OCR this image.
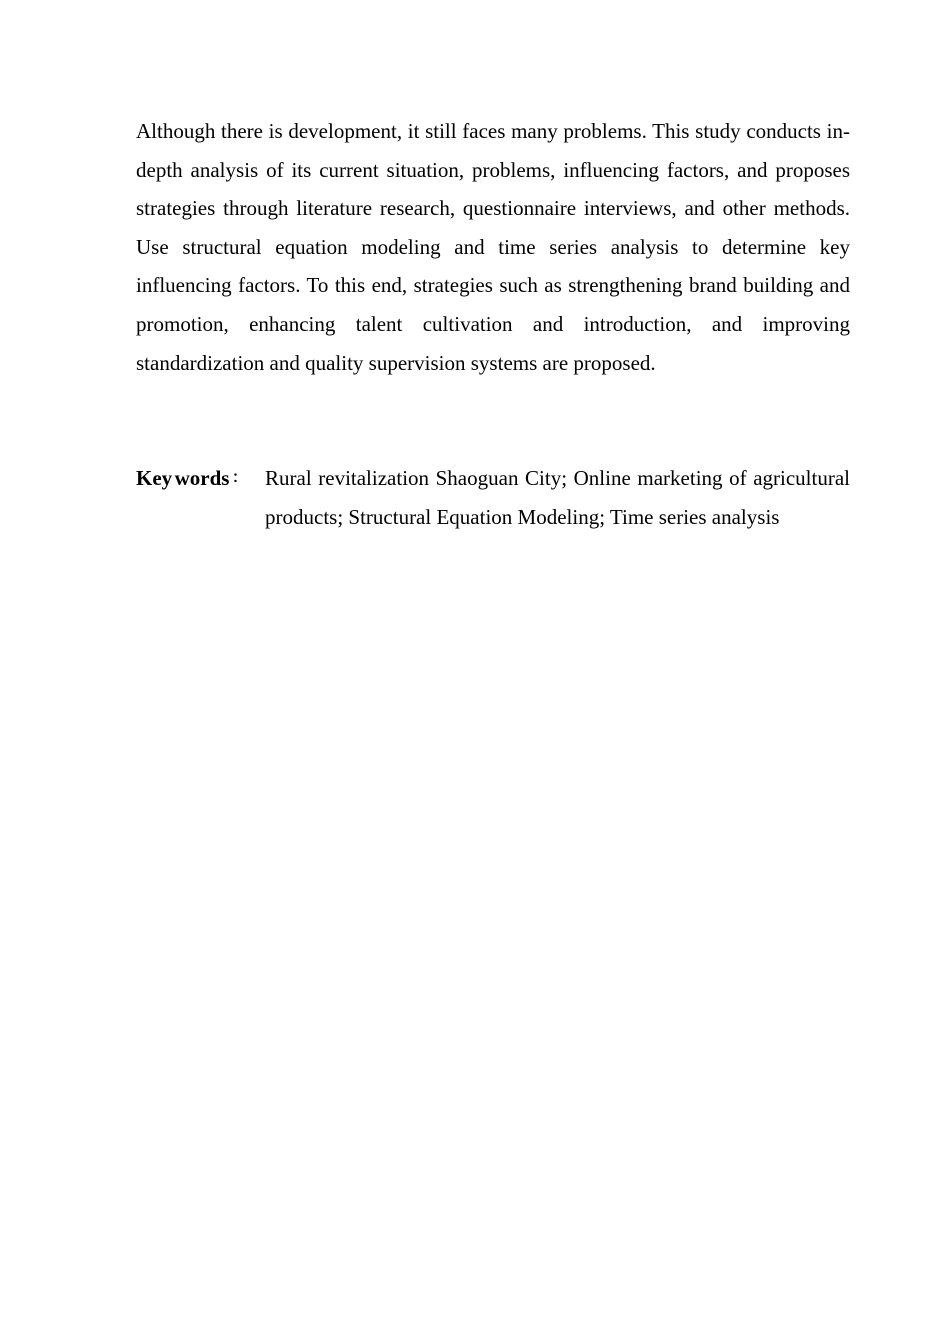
Although there is development, it still faces many problems. This study conducts in-depth analysis of its current situation, problems, influencing factors, and proposes strategies through literature research, questionnaire interviews, and other methods. Use structural equation modeling and time series analysis to determine key influencing factors. To this end, strategies such as strengthening brand building and promotion, enhancing talent cultivation and introduction, and improving standardization and quality supervision systems are proposed.

Key words ： Rural revitalization Shaoguan City; Online marketing of agricultural products; Structural Equation Modeling; Time series analysis
